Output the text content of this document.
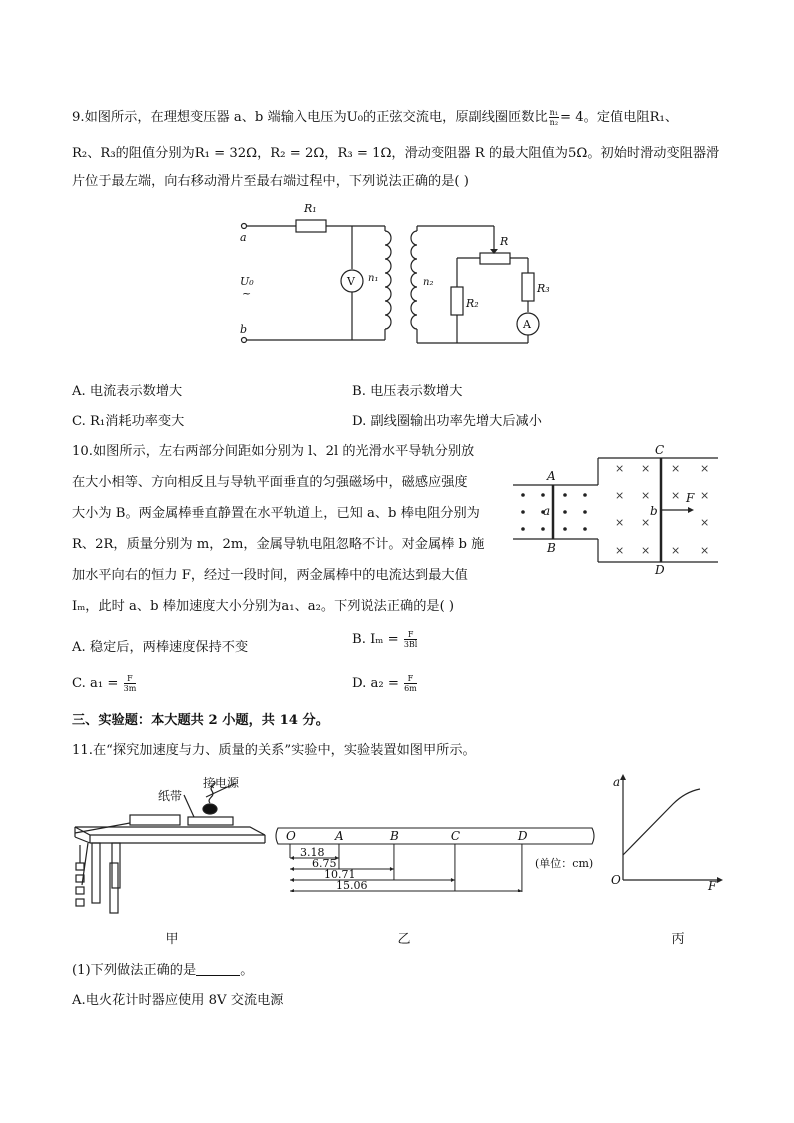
9.如图所示，在理想变压器 a、b 端输入电压为U₀的正弦交流电，原副线圈匝数比 $\frac{\text{n₁}}{\text{n₂}} = 4$。定值电阻R₁、
R₂、R₃的阻值分别为R₁ = 32Ω，R₂ = 2Ω，R₃ = 1Ω，滑动变阻器 R 的最大阻值为5Ω。初始时滑动变阻器滑
片位于最左端，向右移动滑片至最右端过程中，下列说法正确的是( )
R₁
a
b
U₀
~
V n₁	n₂
R
R₂
R₃
A
A. 电流表示数增大	B. 电压表示数增大
C. R₁消耗功率变大	D. 副线圈输出功率先增大后减小
10.如图所示，左右两部分间距如分别为 l、2l 的光滑水平导轨分别放
在大小相等、方向相反且与导轨平面垂直的匀强磁场中，磁感应强度
大小为 B。两金属棒垂直静置在水平轨道上，已知 a、b 棒电阻分别为
R、2R，质量分别为 m，2m，金属导轨电阻忽略不计。对金属棒 b 施
加水平向右的恒力 F，经过一段时间，两金属棒中的电流达到最大值
Iₘ，此时 a、b 棒加速度大小分别为a₁、a₂。下列说法正确的是( )
× × × ×
× × × ×
× ×	×
× × × ×
A
B
C
D
a	b
F
A. 稳定后，两棒速度保持不变
B. $I_m = \frac{F}{3Bl}$
C. $a_1 = \frac{F}{3m}$	D. $a_2 = \frac{F}{6m}$
三、实验题：本大题共 2 小题，共 14 分。
11.在“探究加速度与力、质量的关系”实验中，实验装置如图甲所示。
纸带
接电源
甲
O	A	B	C	D
3.18
6.75
10.71
15.06
(单位：cm)
乙
a
F
O
丙
(1)下列做法正确的是	。
A.电火花计时器应使用 8V 交流电源
